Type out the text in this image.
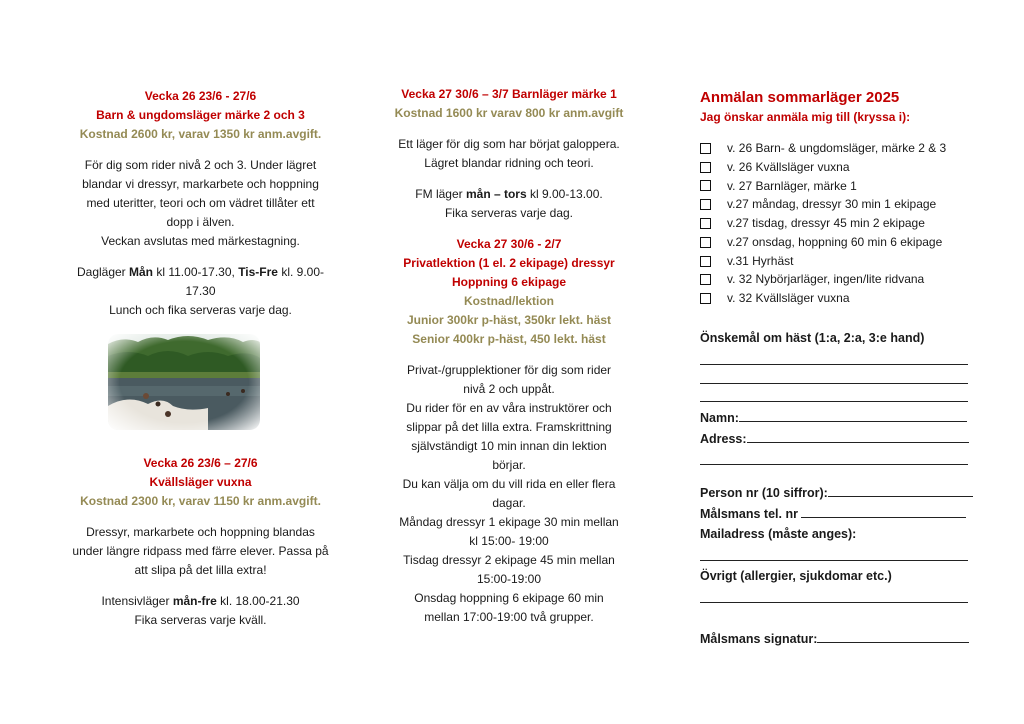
Vecka 26 23/6 - 27/6

Barn & ungdomsläger märke 2 och 3

Kostnad 2600 kr, varav 1350 kr anm.avgift.

För dig som rider nivå 2 och 3. Under lägret

blandar vi dressyr, markarbete och hoppning

med uteritter, teori och om vädret tillåter ett

dopp i älven.

Veckan avslutas med märkestagning.

Dagläger Mån kl 11.00-17.30, Tis-Fre kl. 9.00-

17.30

Lunch och fika serveras varje dag.

Vecka 26 23/6 – 27/6

Kvällsläger vuxna

Kostnad 2300 kr, varav 1150 kr anm.avgift.

Dressyr, markarbete och hoppning blandas

under längre ridpass med färre elever. Passa på

att slipa på det lilla extra!

Intensivläger mån-fre kl. 18.00-21.30

Fika serveras varje kväll.

Vecka 27 30/6 – 3/7 Barnläger märke 1

Kostnad 1600 kr varav 800 kr anm.avgift

Ett läger för dig som har börjat galoppera.

Lägret blandar ridning och teori.

FM läger mån – tors kl 9.00-13.00.

Fika serveras varje dag.

Vecka 27 30/6 - 2/7

Privatlektion (1 el. 2 ekipage) dressyr

Hoppning 6 ekipage

Kostnad/lektion

Junior 300kr p-häst, 350kr lekt. häst

Senior 400kr p-häst, 450 lekt. häst

Privat-/grupplektioner för dig som rider

nivå 2 och uppåt.

Du rider för en av våra instruktörer och

slippar på det lilla extra. Framskrittning

självständigt 10 min innan din lektion

börjar.

Du kan välja om du vill rida en eller flera

dagar.

Måndag dressyr 1 ekipage 30 min mellan

kl 15:00- 19:00

Tisdag dressyr 2 ekipage 45 min mellan

15:00-19:00

Onsdag hoppning 6 ekipage 60 min

mellan 17:00-19:00 två grupper.

Anmälan sommarläger 2025

Jag önskar anmäla mig till (kryssa i):

v. 26 Barn- & ungdomsläger, märke 2 & 3
v. 26 Kvällsläger vuxna
v. 27 Barnläger, märke 1
v.27 måndag, dressyr 30 min 1 ekipage
v.27 tisdag, dressyr 45 min 2 ekipage
v.27 onsdag, hoppning 60 min 6 ekipage
v.31 Hyrhäst
v. 32 Nybörjarläger, ingen/lite ridvana
v. 32 Kvällsläger vuxna

Önskemål om häst (1:a, 2:a, 3:e hand)

Namn:

Adress:

Person nr (10 siffror):

Målsmans tel. nr

Mailadress (måste anges):

Övrigt (allergier, sjukdomar etc.)

Målsmans signatur:
